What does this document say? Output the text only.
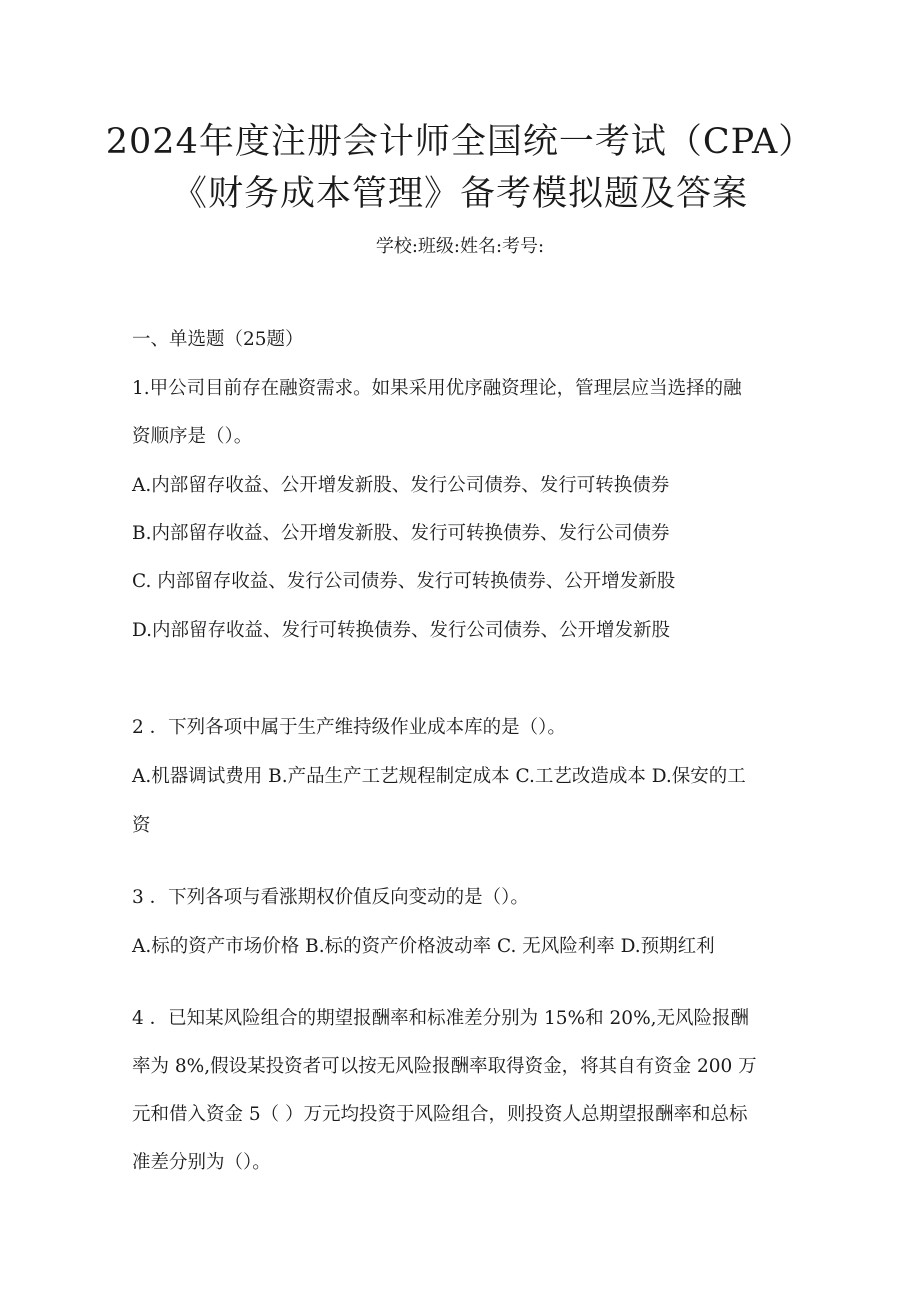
2024年度注册会计师全国统一考试（CPA）
《财务成本管理》备考模拟题及答案
学校:班级:姓名:考号:
一、单选题（25题）
1.甲公司目前存在融资需求。如果采用优序融资理论，管理层应当选择的融
资顺序是（）。
A.内部留存收益、公开增发新股、发行公司债券、发行可转换债券
B.内部留存收益、公开增发新股、发行可转换债券、发行公司债券
C. 内部留存收益、发行公司债券、发行可转换债券、公开增发新股
D.内部留存收益、发行可转换债券、发行公司债券、公开增发新股
2 ．下列各项中属于生产维持级作业成本库的是（）。
A.机器调试费用 B.产品生产工艺规程制定成本 C.工艺改造成本 D.保安的工
资
3 ．下列各项与看涨期权价值反向变动的是（）。
A.标的资产市场价格 B.标的资产价格波动率 C. 无风险利率 D.预期红利
4 ．已知某风险组合的期望报酬率和标准差分别为 15%和 20%,无风险报酬
率为 8%,假设某投资者可以按无风险报酬率取得资金，将其自有资金 200 万
元和借入资金 5（ ）万元均投资于风险组合，则投资人总期望报酬率和总标
准差分别为（）。
